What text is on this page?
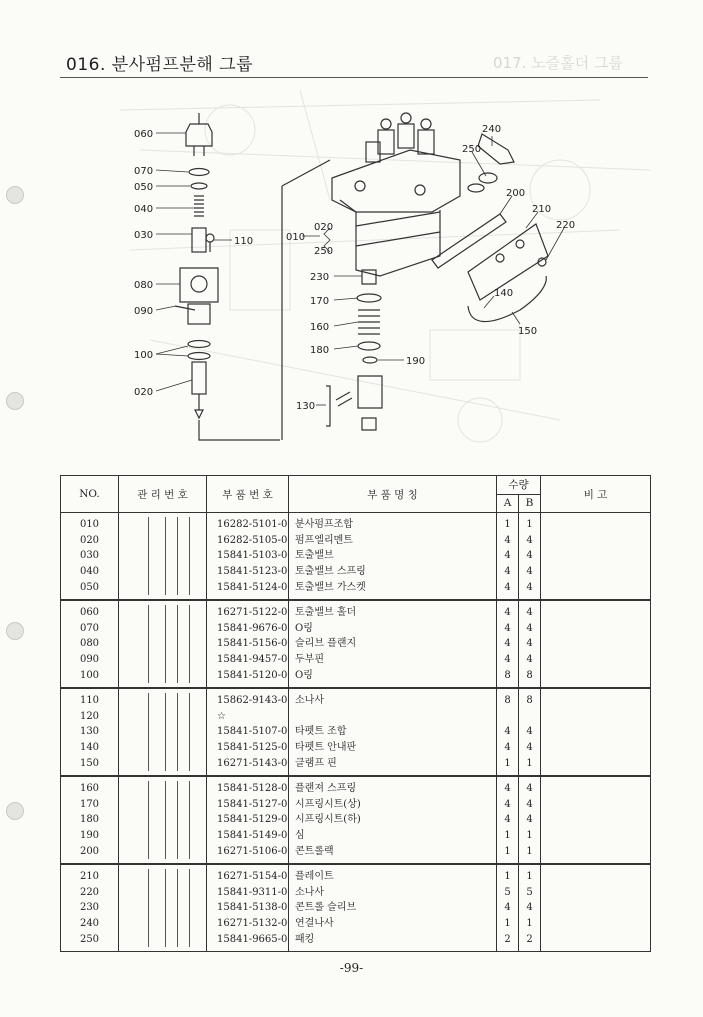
017. 노즐홀더 그룹
016. 분사펌프분해 그룹
060
070
050
040
030
110
080
090
100
020
010
020
250
240
250
200
210
220
230
170
160
180
190
140
150
130
NO.	관 리 번 호	부 품 번 호	부 품 명 칭	수량		비 고
				A	B	

010		16282-5101-0	분사펌프조합	1	1	
020		16282-5105-0	펌프엘리멘트	4	4	
030		15841-5103-0	토출밸브	4	4	
040		15841-5123-0	토출밸브 스프링	4	4	
050		15841-5124-0	토출밸브 가스켓	4	4	

060		16271-5122-0	토출밸브 홀더	4	4	
070		15841-9676-0	O링	4	4	
080		15841-5156-0	슬리브 플랜지	4	4	
090		15841-9457-0	두부핀	4	4	
100		15841-5120-0	O링	8	8	

110		15862-9143-0	소나사	8	8	
120		☆				
130		15841-5107-0	타펫트 조합	4	4	
140		15841-5125-0	타펫트 안내판	4	4	
150		16271-5143-0	클램프 핀	1	1	

160		15841-5128-0	플랜져 스프링	4	4	
170		15841-5127-0	시프링시트(상)	4	4	
180		15841-5129-0	시프링시트(하)	4	4	
190		15841-5149-0	심	1	1	
200		16271-5106-0	콘트롤랙	1	1	

210		16271-5154-0	플레이트	1	1	
220		15841-9311-0	소나사	5	5	
230		15841-5138-0	콘트롤 슬리브	4	4	
240		16271-5132-0	연결나사	1	1	
250		15841-9665-0	패킹	2	2	

-99-
